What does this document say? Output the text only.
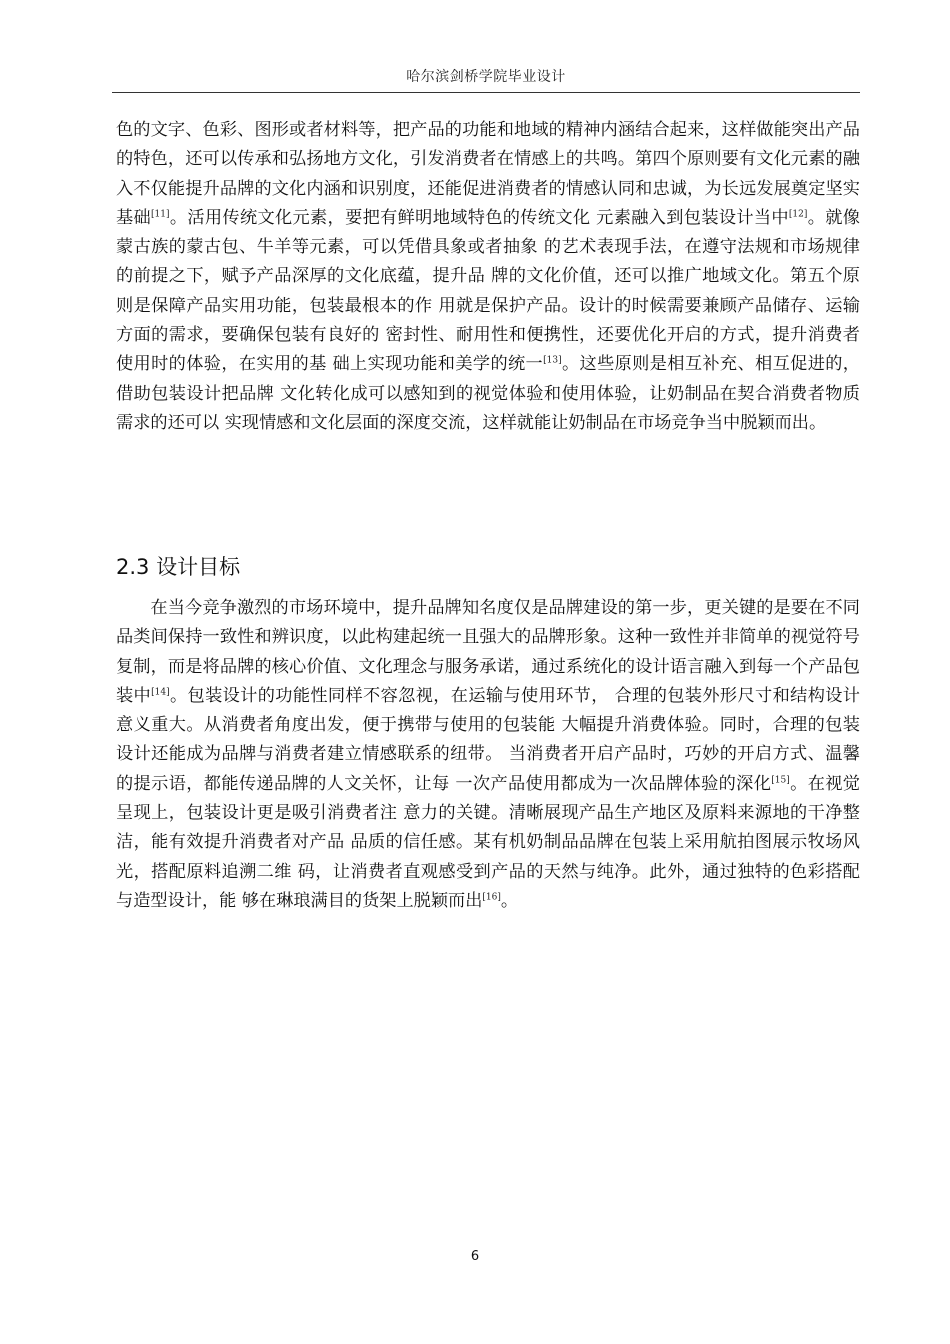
哈尔滨剑桥学院毕业设计

色的文字、色彩、图形或者材料等，把产品的功能和地域的精神内涵结合起来，这样做能突出产品的特色，还可以传承和弘扬地方文化，引发消费者在情感上的共鸣。第四个原则要有文化元素的融入不仅能提升品牌的文化内涵和识别度，还能促进消费者的情感认同和忠诚，为长远发展奠定坚实基础[11]。活用传统文化元素，要把有鲜明地域特色的传统文化 元素融入到包装设计当中[12]。就像蒙古族的蒙古包、牛羊等元素，可以凭借具象或者抽象 的艺术表现手法，在遵守法规和市场规律的前提之下，赋予产品深厚的文化底蕴，提升品 牌的文化价值，还可以推广地域文化。第五个原则是保障产品实用功能，包装最根本的作 用就是保护产品。设计的时候需要兼顾产品储存、运输方面的需求，要确保包装有良好的 密封性、耐用性和便携性，还要优化开启的方式，提升消费者使用时的体验，在实用的基 础上实现功能和美学的统一[13]。这些原则是相互补充、相互促进的，借助包装设计把品牌 文化转化成可以感知到的视觉体验和使用体验，让奶制品在契合消费者物质需求的还可以 实现情感和文化层面的深度交流，这样就能让奶制品在市场竞争当中脱颖而出。

2.3 设计目标

在当今竞争激烈的市场环境中，提升品牌知名度仅是品牌建设的第一步，更关键的是要在不同品类间保持一致性和辨识度，以此构建起统一且强大的品牌形象。这种一致性并非简单的视觉符号复制，而是将品牌的核心价值、文化理念与服务承诺，通过系统化的设计语言融入到每一个产品包装中[14]。包装设计的功能性同样不容忽视，在运输与使用环节， 合理的包装外形尺寸和结构设计意义重大。从消费者角度出发，便于携带与使用的包装能 大幅提升消费体验。同时，合理的包装设计还能成为品牌与消费者建立情感联系的纽带。 当消费者开启产品时，巧妙的开启方式、温馨的提示语，都能传递品牌的人文关怀，让每 一次产品使用都成为一次品牌体验的深化[15]。在视觉呈现上，包装设计更是吸引消费者注 意力的关键。清晰展现产品生产地区及原料来源地的干净整洁，能有效提升消费者对产品 品质的信任感。某有机奶制品品牌在包装上采用航拍图展示牧场风光，搭配原料追溯二维 码，让消费者直观感受到产品的天然与纯净。此外，通过独特的色彩搭配与造型设计，能 够在琳琅满目的货架上脱颖而出[16]。

6
